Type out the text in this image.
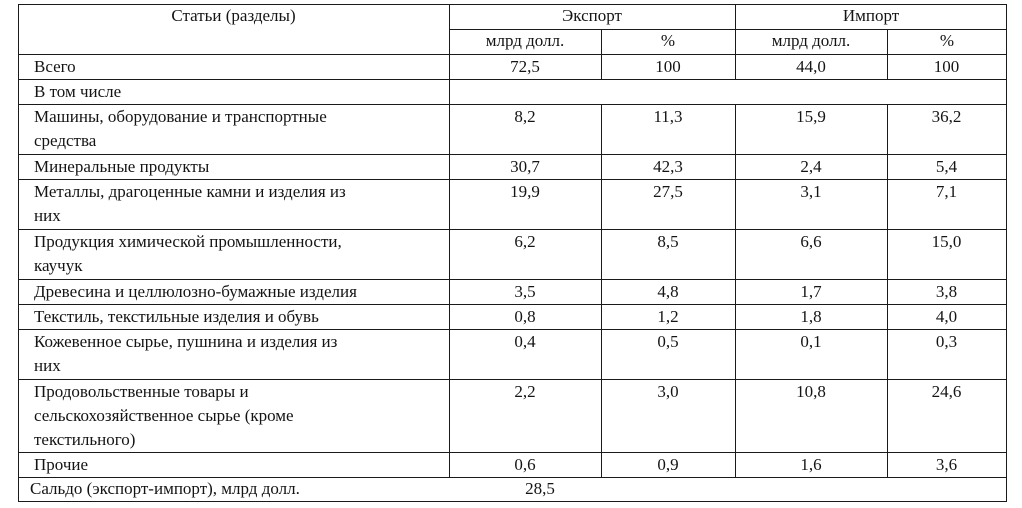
Статьи (разделы)	Экспорт	Импорт
млрд долл.	%	млрд долл.	%
Всего	72,5	100	44,0	100
В том числе
Машины, оборудование и транспортные
средства
8,2	11,3	15,9	36,2
Минеральные продукты	30,7	42,3	2,4	5,4
Металлы, драгоценные камни и изделия из
них
19,9	27,5	3,1	7,1
Продукция химической промышленности,
каучук
6,2	8,5	6,6	15,0
Древесина и целлюлозно-бумажные изделия	3,5	4,8	1,7	3,8
Текстиль, текстильные изделия и обувь	0,8	1,2	1,8	4,0
Кожевенное сырье, пушнина и изделия из
них
0,4	0,5	0,1	0,3
Продовольственные товары и
сельскохозяйственное сырье (кроме
текстильного)
2,2	3,0	10,8	24,6
Прочие	0,6	0,9	1,6	3,6
Сальдо (экспорт-импорт), млрд долл.	28,5
